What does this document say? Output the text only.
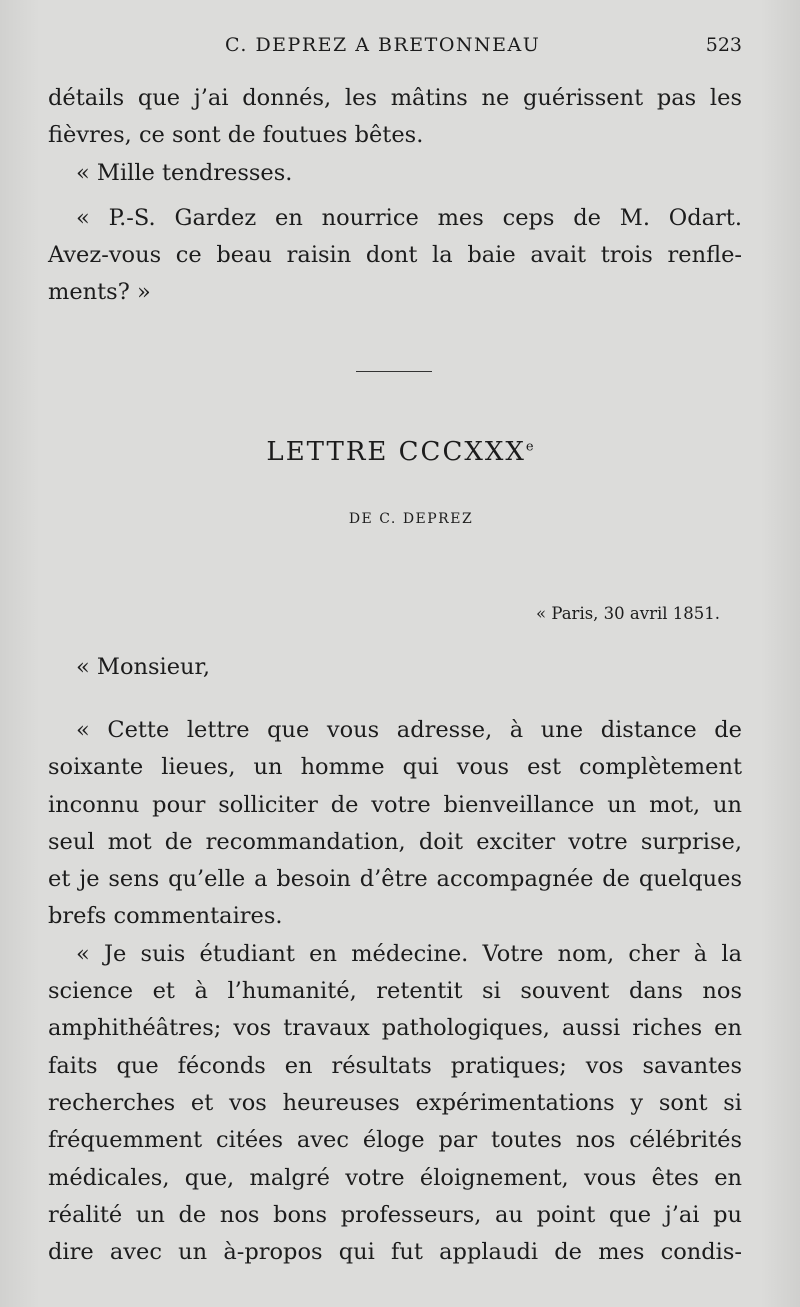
C. DEPREZ A BRETONNEAU	523
détails que j’ai donnés, les mâtins ne guérissent pas les
fièvres, ce sont de foutues bêtes.
« Mille tendresses.
« P.-S. Gardez en nourrice mes ceps de M. Odart.
Avez-vous ce beau raisin dont la baie avait trois renfle-
ments? »
LETTRE CCCXXXe
DE C. DEPREZ
« Paris, 30 avril 1851.
« Monsieur,
« Cette lettre que vous adresse, à une distance de
soixante lieues, un homme qui vous est complètement
inconnu pour solliciter de votre bienveillance un mot, un
seul mot de recommandation, doit exciter votre surprise,
et je sens qu’elle a besoin d’être accompagnée de quelques
brefs commentaires.
« Je suis étudiant en médecine. Votre nom, cher à la
science et à l’humanité, retentit si souvent dans nos
amphithéâtres; vos travaux pathologiques, aussi riches en
faits que féconds en résultats pratiques; vos savantes
recherches et vos heureuses expérimentations y sont si
fréquemment citées avec éloge par toutes nos célébrités
médicales, que, malgré votre éloignement, vous êtes en
réalité un de nos bons professeurs, au point que j’ai pu
dire avec un à-propos qui fut applaudi de mes condis-
